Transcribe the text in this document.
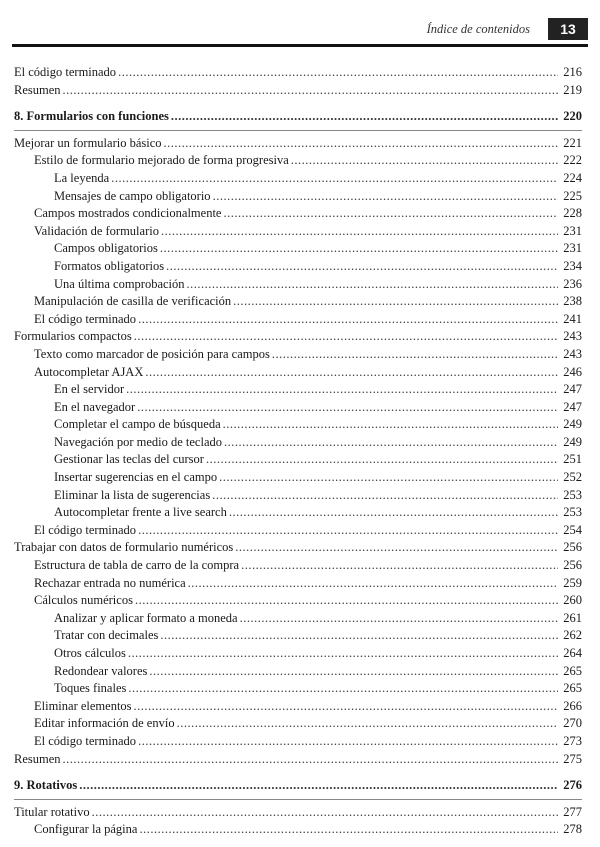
Índice de contenidos	13
El código terminado .....	216
Resumen .....	219
8. Formularios con funciones .....	220
Mejorar un formulario básico .....	221
Estilo de formulario mejorado de forma progresiva .....	222
La leyenda .....	224
Mensajes de campo obligatorio .....	225
Campos mostrados condicionalmente .....	228
Validación de formulario .....	231
Campos obligatorios .....	231
Formatos obligatorios .....	234
Una última comprobación .....	236
Manipulación de casilla de verificación .....	238
El código terminado .....	241
Formularios compactos .....	243
Texto como marcador de posición para campos .....	243
Autocompletar AJAX .....	246
En el servidor .....	247
En el navegador .....	247
Completar el campo de búsqueda .....	249
Navegación por medio de teclado .....	249
Gestionar las teclas del cursor .....	251
Insertar sugerencias en el campo .....	252
Eliminar la lista de sugerencias .....	253
Autocompletar frente a live search .....	253
El código terminado .....	254
Trabajar con datos de formulario numéricos .....	256
Estructura de tabla de carro de la compra .....	256
Rechazar entrada no numérica .....	259
Cálculos numéricos .....	260
Analizar y aplicar formato a moneda .....	261
Tratar con decimales .....	262
Otros cálculos .....	264
Redondear valores .....	265
Toques finales .....	265
Eliminar elementos .....	266
Editar información de envío .....	270
El código terminado .....	273
Resumen .....	275
9. Rotativos .....	276
Titular rotativo .....	277
Configurar la página .....	278
